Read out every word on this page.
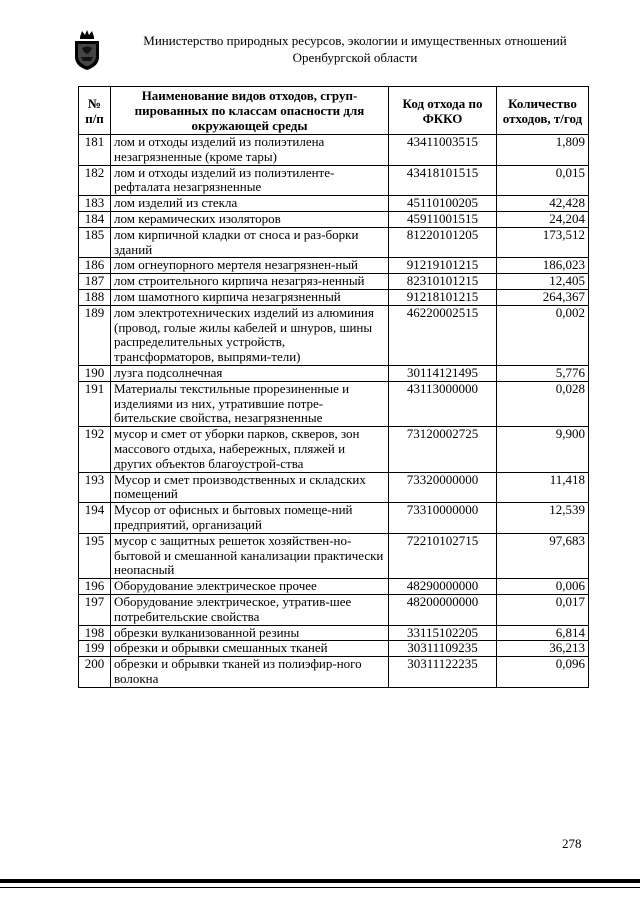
Министерство природных ресурсов, экологии и имущественных отношений
Оренбургской области
№ п/п	Наименование видов отходов, сгруп-пированных по классам опасности для окружающей среды	Код отхода по ФККО	Количество отходов, т/год
181	лом и отходы изделий из полиэтилена незагрязненные (кроме тары)	43411003515	1,809
182	лом и отходы изделий из полиэтиленте-рефталата незагрязненные	43418101515	0,015
183	лом изделий из стекла	45110100205	42,428
184	лом керамических изоляторов	45911001515	24,204
185	лом кирпичной кладки от сноса и раз-борки зданий	81220101205	173,512
186	лом огнеупорного мертеля незагрязнен-ный	91219101215	186,023
187	лом строительного кирпича незагряз-ненный	82310101215	12,405
188	лом шамотного кирпича незагрязненный	91218101215	264,367
189	лом электротехнических изделий из алюминия (провод, голые жилы кабелей и шнуров, шины распределительных устройств, трансформаторов, выпрями-тели)	46220002515	0,002
190	лузга подсолнечная	30114121495	5,776
191	Материалы текстильные прорезиненные и изделиями из них, утратившие потре-бительские свойства, незагрязненные	43113000000	0,028
192	мусор и смет от уборки парков, скверов, зон массового отдыха, набережных, пляжей и других объектов благоустрой-ства	73120002725	9,900
193	Мусор и смет производственных и складских помещений	73320000000	11,418
194	Мусор от офисных и бытовых помеще-ний предприятий, организаций	73310000000	12,539
195	мусор с защитных решеток хозяйствен-но-бытовой и смешанной канализации практически неопасный	72210102715	97,683
196	Оборудование электрическое прочее	48290000000	0,006
197	Оборудование электрическое, утратив-шее потребительские свойства	48200000000	0,017
198	обрезки вулканизованной резины	33115102205	6,814
199	обрезки и обрывки смешанных тканей	30311109235	36,213
200	обрезки и обрывки тканей из полиэфир-ного волокна	30311122235	0,096
278
